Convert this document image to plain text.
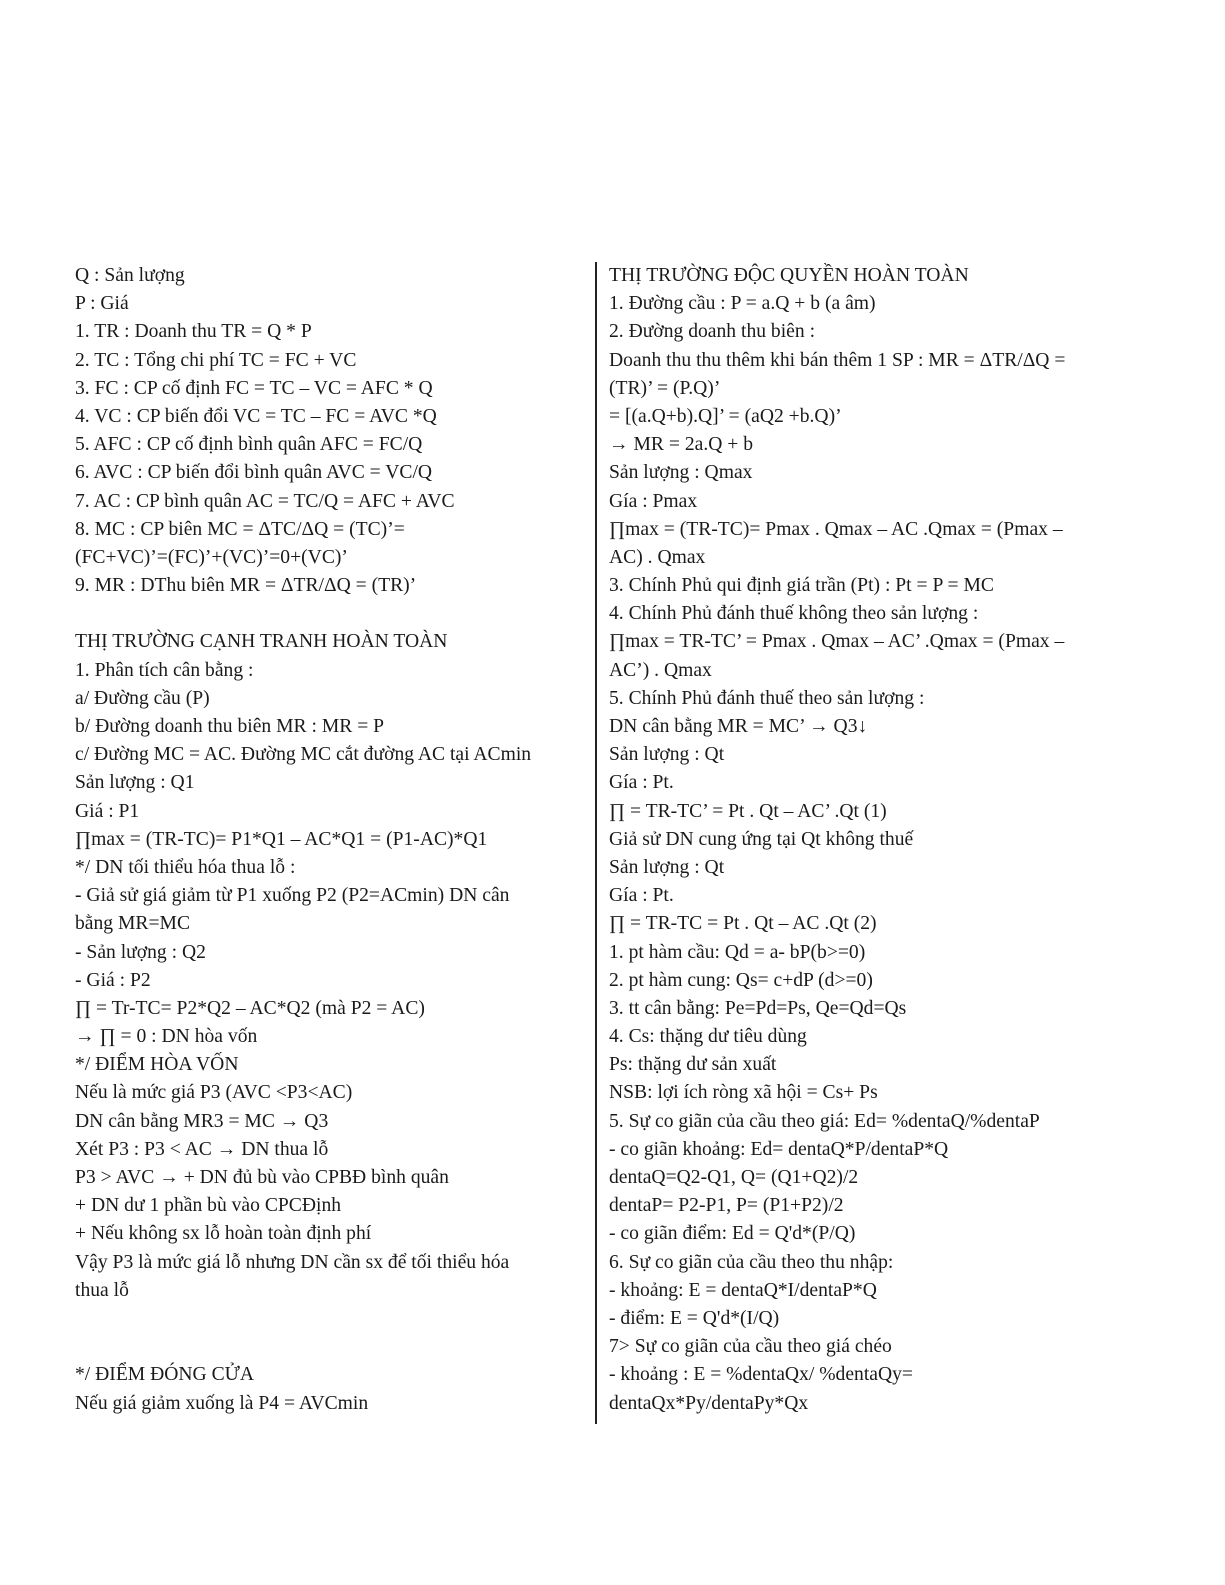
Q : Sản lượng
P : Giá
1. TR : Doanh thu TR = Q * P
2. TC : Tổng chi phí TC = FC + VC
3. FC : CP cố định FC = TC – VC = AFC * Q
4. VC : CP biến đổi VC = TC – FC = AVC *Q
5. AFC : CP cố định bình quân AFC = FC/Q
6. AVC : CP biến đổi bình quân AVC = VC/Q
7. AC : CP bình quân AC = TC/Q = AFC + AVC
8. MC : CP biên MC = ΔTC/ΔQ = (TC)’=
(FC+VC)’=(FC)’+(VC)’=0+(VC)’
9. MR : DThu biên MR = ΔTR/ΔQ = (TR)’
THỊ TRƯỜNG CẠNH TRANH HOÀN TOÀN
1. Phân tích cân bằng :
a/ Đường cầu (P)
b/ Đường doanh thu biên MR : MR = P
c/ Đường MC = AC. Đường MC cắt đường AC tại ACmin
Sản lượng : Q1
Giá : P1
∏max = (TR-TC)= P1*Q1 – AC*Q1 = (P1-AC)*Q1
*/ DN tối thiểu hóa thua lỗ :
- Giả sử giá giảm từ P1 xuống P2 (P2=ACmin) DN cân
bằng MR=MC
- Sản lượng : Q2
- Giá : P2
∏ = Tr-TC= P2*Q2 – AC*Q2 (mà P2 = AC)
→ ∏ = 0 : DN hòa vốn
*/ ĐIỂM HÒA VỐN
Nếu là mức giá P3 (AVC <P3<AC)
DN cân bằng MR3 = MC → Q3
Xét P3 : P3 < AC → DN thua lỗ
P3 > AVC → + DN đủ bù vào CPBĐ bình quân
+ DN dư 1 phần bù vào CPCĐịnh
+ Nếu không sx lỗ hoàn toàn định phí
Vậy P3 là mức giá lỗ nhưng DN cần sx để tối thiểu hóa
thua lỗ
*/ ĐIỂM ĐÓNG CỬA
Nếu giá giảm xuống là P4 = AVCmin
THỊ TRƯỜNG ĐỘC QUYỀN HOÀN TOÀN
1. Đường cầu : P = a.Q + b (a âm)
2. Đường doanh thu biên :
Doanh thu thu thêm khi bán thêm 1 SP : MR = ΔTR/ΔQ =
(TR)’ = (P.Q)’
= [(a.Q+b).Q]’ = (aQ2 +b.Q)’
→ MR = 2a.Q + b
Sản lượng : Qmax
Gía : Pmax
∏max = (TR-TC)= Pmax . Qmax – AC .Qmax = (Pmax –
AC) . Qmax
3. Chính Phủ qui định giá trần (Pt) : Pt = P = MC
4. Chính Phủ đánh thuế không theo sản lượng :
∏max = TR-TC’ = Pmax . Qmax – AC’ .Qmax = (Pmax –
AC’) . Qmax
5. Chính Phủ đánh thuế theo sản lượng :
DN cân bằng MR = MC’ → Q3↓
Sản lượng : Qt
Gía : Pt.
∏ = TR-TC’ = Pt . Qt – AC’ .Qt (1)
Giả sử DN cung ứng tại Qt không thuế
Sản lượng : Qt
Gía : Pt.
∏ = TR-TC = Pt . Qt – AC .Qt (2)
1. pt hàm cầu: Qd = a- bP(b>=0)
2. pt hàm cung: Qs= c+dP (d>=0)
3. tt cân bằng: Pe=Pd=Ps, Qe=Qd=Qs
4. Cs: thặng dư tiêu dùng
Ps: thặng dư sản xuất
NSB: lợi ích ròng xã hội = Cs+ Ps
5. Sự co giãn của cầu theo giá: Ed= %dentaQ/%dentaP
- co giãn khoảng: Ed= dentaQ*P/dentaP*Q
dentaQ=Q2-Q1, Q= (Q1+Q2)/2
dentaP= P2-P1, P= (P1+P2)/2
- co giãn điểm: Ed = Q'd*(P/Q)
6. Sự co giãn của cầu theo thu nhập:
- khoảng: E = dentaQ*I/dentaP*Q
- điểm: E = Q'd*(I/Q)
7> Sự co giãn của cầu theo giá chéo
- khoảng : E = %dentaQx/ %dentaQy=
dentaQx*Py/dentaPy*Qx
